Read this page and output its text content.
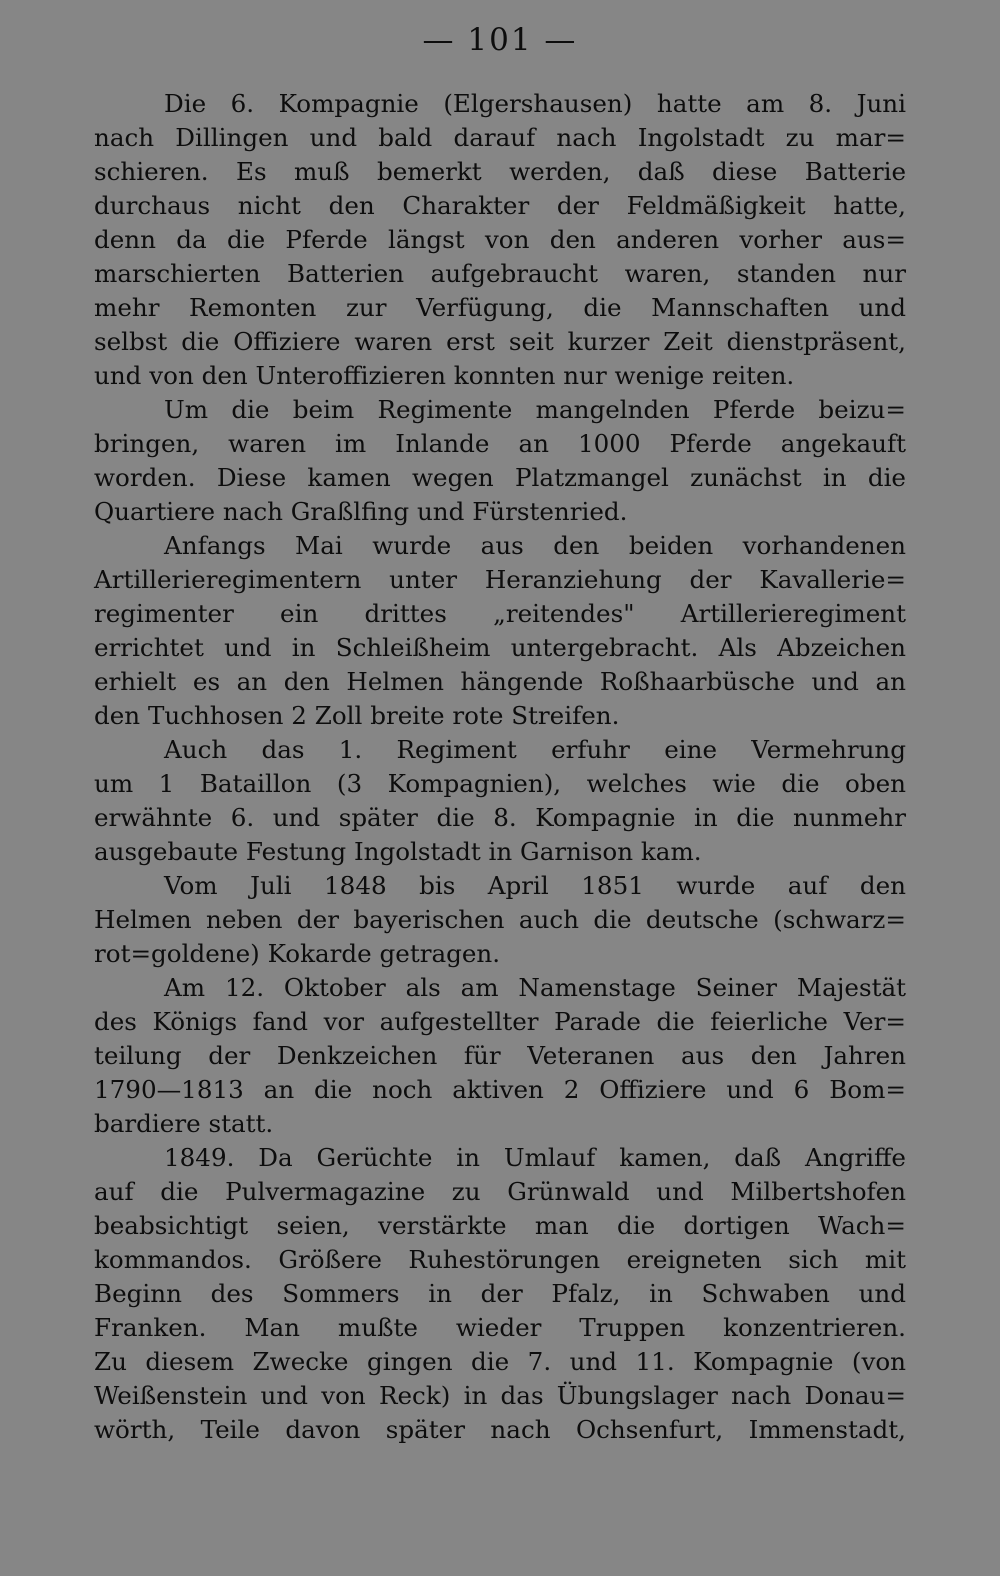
— 101 —
Die 6. Kompagnie (Elgershausen) hatte am 8. Juni
nach Dillingen und bald darauf nach Ingolstadt zu mar=
schieren. Es muß bemerkt werden, daß diese Batterie
durchaus nicht den Charakter der Feldmäßigkeit hatte,
denn da die Pferde längst von den anderen vorher aus=
marschierten Batterien aufgebraucht waren, standen nur
mehr Remonten zur Verfügung, die Mannschaften und
selbst die Offiziere waren erst seit kurzer Zeit dienstpräsent,
und von den Unteroffizieren konnten nur wenige reiten.
Um die beim Regimente mangelnden Pferde beizu=
bringen, waren im Inlande an 1000 Pferde angekauft
worden. Diese kamen wegen Platzmangel zunächst in die
Quartiere nach Graßlfing und Fürstenried.
Anfangs Mai wurde aus den beiden vorhandenen
Artillerieregimentern unter Heranziehung der Kavallerie=
regimenter ein drittes „reitendes" Artillerieregiment
errichtet und in Schleißheim untergebracht. Als Abzeichen
erhielt es an den Helmen hängende Roßhaarbüsche und an
den Tuchhosen 2 Zoll breite rote Streifen.
Auch das 1. Regiment erfuhr eine Vermehrung
um 1 Bataillon (3 Kompagnien), welches wie die oben
erwähnte 6. und später die 8. Kompagnie in die nunmehr
ausgebaute Festung Ingolstadt in Garnison kam.
Vom Juli 1848 bis April 1851 wurde auf den
Helmen neben der bayerischen auch die deutsche (schwarz=
rot=goldene) Kokarde getragen.
Am 12. Oktober als am Namenstage Seiner Majestät
des Königs fand vor aufgestellter Parade die feierliche Ver=
teilung der Denkzeichen für Veteranen aus den Jahren
1790—1813 an die noch aktiven 2 Offiziere und 6 Bom=
bardiere statt.
1849. Da Gerüchte in Umlauf kamen, daß Angriffe
auf die Pulvermagazine zu Grünwald und Milbertshofen
beabsichtigt seien, verstärkte man die dortigen Wach=
kommandos. Größere Ruhestörungen ereigneten sich mit
Beginn des Sommers in der Pfalz, in Schwaben und
Franken. Man mußte wieder Truppen konzentrieren.
Zu diesem Zwecke gingen die 7. und 11. Kompagnie (von
Weißenstein und von Reck) in das Übungslager nach Donau=
wörth, Teile davon später nach Ochsenfurt, Immenstadt,
